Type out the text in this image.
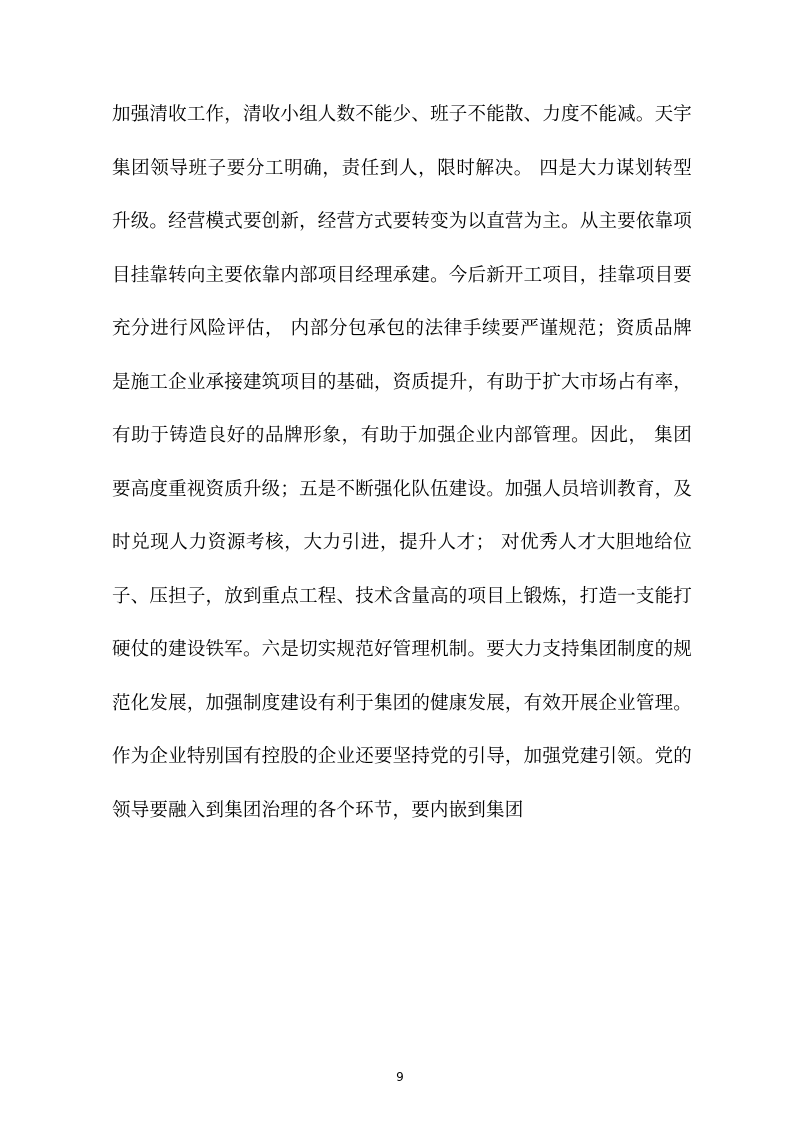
加强清收工作，清收小组人数不能少、班子不能散、力度不能减。天宇集团领导班子要分工明确，责任到人，限时解决。 四是大力谋划转型升级。经营模式要创新，经营方式要转变为以直营为主。从主要依靠项目挂靠转向主要依靠内部项目经理承建。今后新开工项目，挂靠项目要充分进行风险评估， 内部分包承包的法律手续要严谨规范；资质品牌是施工企业承接建筑项目的基础，资质提升，有助于扩大市场占有率，有助于铸造良好的品牌形象，有助于加强企业内部管理。因此， 集团要高度重视资质升级；五是不断强化队伍建设。加强人员培训教育，及时兑现人力资源考核，大力引进，提升人才； 对优秀人才大胆地给位子、压担子，放到重点工程、技术含量高的项目上锻炼，打造一支能打硬仗的建设铁军。六是切实规范好管理机制。要大力支持集团制度的规范化发展，加强制度建设有利于集团的健康发展，有效开展企业管理。作为企业特别国有控股的企业还要坚持党的引导，加强党建引领。党的领导要融入到集团治理的各个环节，要内嵌到集团

9
